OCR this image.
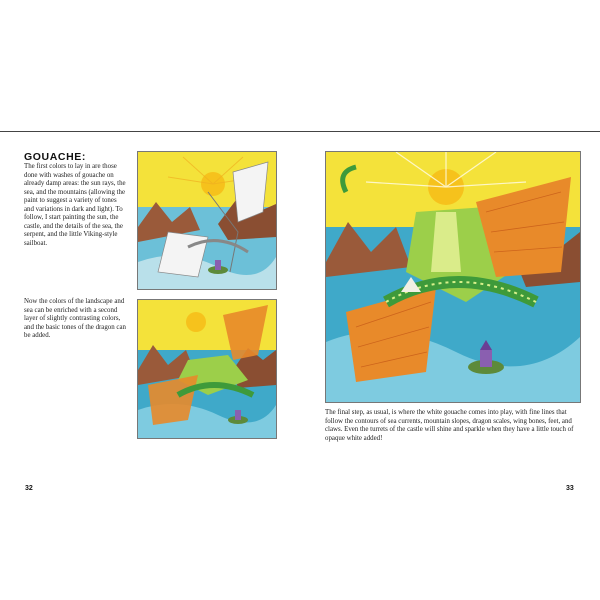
GOUACHE:

The first colors to lay in are those done with washes of gouache on already damp areas: the sun rays, the sea, and the mountains (allowing the paint to suggest a variety of tones and variations in dark and light). To follow, I start painting the sun, the castle, and the details of the sea, the serpent, and the little Viking-style sailboat.

Now the colors of the landscape and sea can be enriched with a second layer of slightly contrasting colors, and the basic tones of the dragon can be added.

The final step, as usual, is where the white gouache comes into play, with fine lines that follow the contours of sea currents, mountain slopes, dragon scales, wing bones, feet, and claws. Even the turrets of the castle will shine and sparkle when they have a little touch of opaque white added!

32	33
